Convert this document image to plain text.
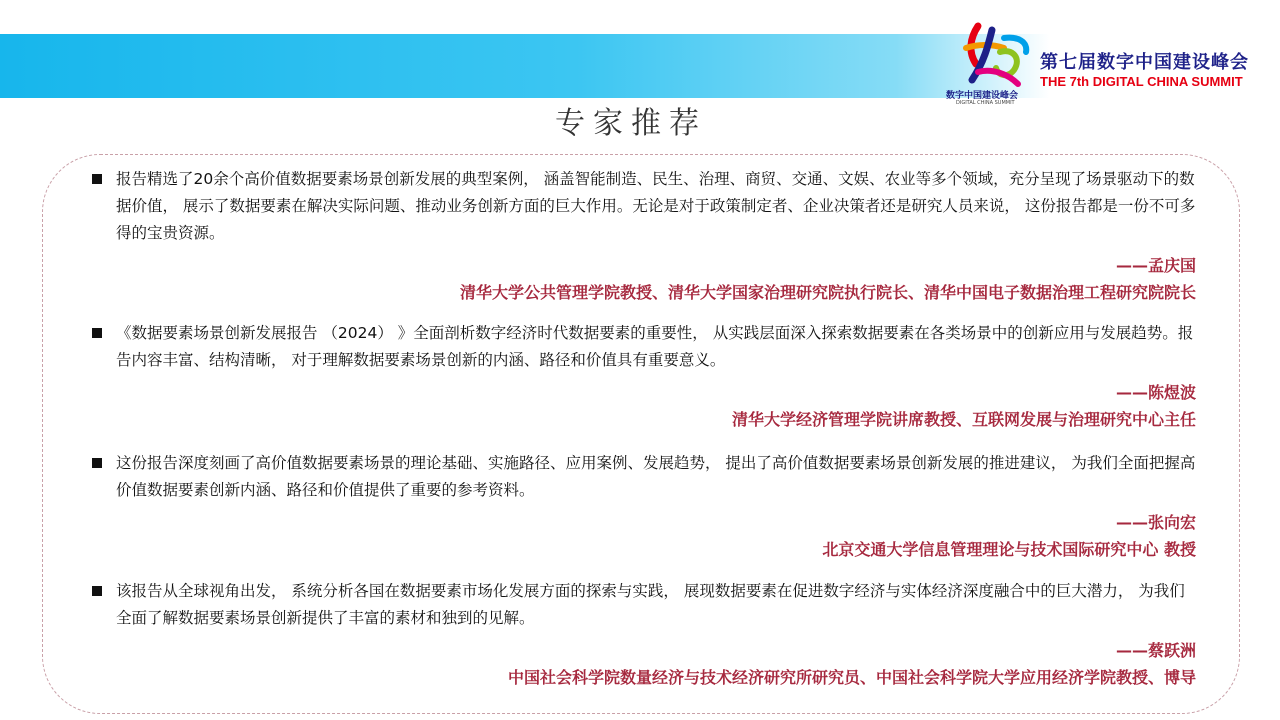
数字中国建设峰会
DIGITAL CHINA SUMMIT
第七届数字中国建设峰会
THE 7th DIGITAL CHINA SUMMIT
专家推荐

报告精选了20余个高价值数据要素场景创新发展的典型案例， 涵盖智能制造、民生、治理、商贸、交通、文娱、农业等多个领域，充分呈现了场景驱动下的数据价值， 展示了数据要素在解决实际问题、推动业务创新方面的巨大作用。无论是对于政策制定者、企业决策者还是研究人员来说， 这份报告都是一份不可多得的宝贵资源。

——孟庆国
清华大学公共管理学院教授、清华大学国家治理研究院执行院长、清华中国电子数据治理工程研究院院长

《数据要素场景创新发展报告 （2024） 》全面剖析数字经济时代数据要素的重要性， 从实践层面深入探索数据要素在各类场景中的创新应用与发展趋势。报告内容丰富、结构清晰， 对于理解数据要素场景创新的内涵、路径和价值具有重要意义。

——陈煜波
清华大学经济管理学院讲席教授、互联网发展与治理研究中心主任

这份报告深度刻画了高价值数据要素场景的理论基础、实施路径、应用案例、发展趋势， 提出了高价值数据要素场景创新发展的推进建议， 为我们全面把握高价值数据要素创新内涵、路径和价值提供了重要的参考资料。

——张向宏
北京交通大学信息管理理论与技术国际研究中心 教授

该报告从全球视角出发， 系统分析各国在数据要素市场化发展方面的探索与实践， 展现数据要素在促进数字经济与实体经济深度融合中的巨大潜力， 为我们全面了解数据要素场景创新提供了丰富的素材和独到的见解。

——蔡跃洲
中国社会科学院数量经济与技术经济研究所研究员、中国社会科学院大学应用经济学院教授、博导
